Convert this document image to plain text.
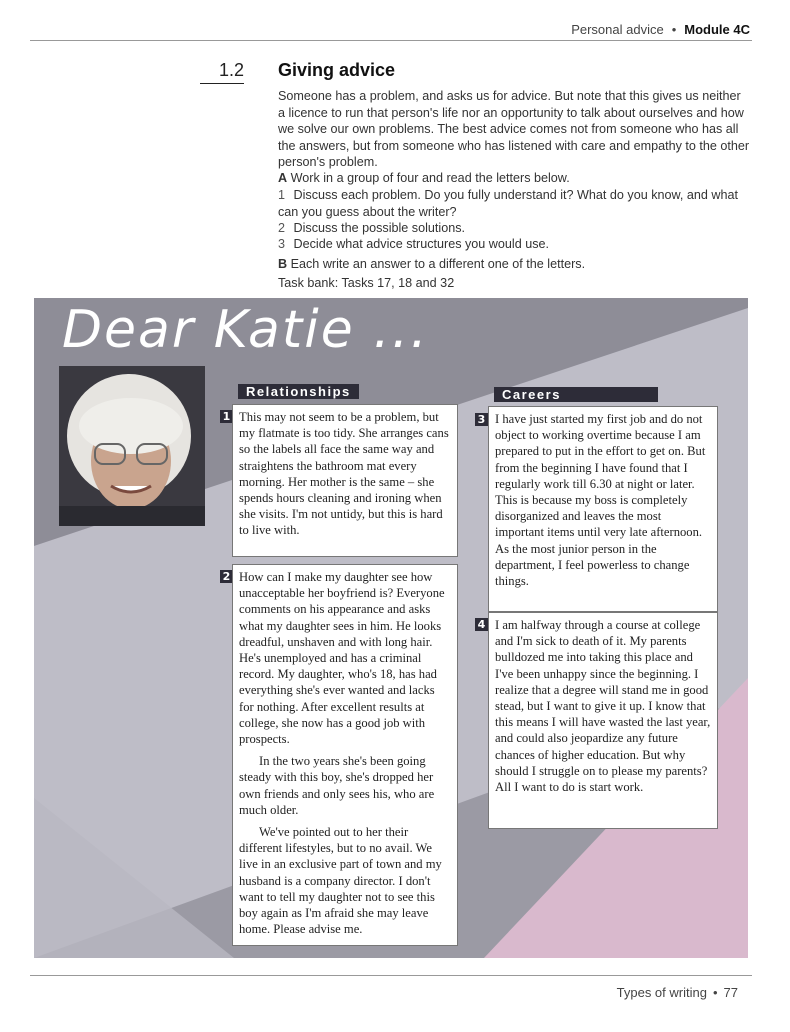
Personal advice • Module 4C
1.2 Giving advice

Someone has a problem, and asks us for advice. But note that this gives us neither a licence to run that person's life nor an opportunity to talk about ourselves and how we solve our own problems. The best advice comes not from someone who has all the answers, but from someone who has listened with care and empathy to the other person's problem.

A Work in a group of four and read the letters below.
1 Discuss each problem. Do you fully understand it? What do you know, and what can you guess about the writer?
2 Discuss the possible solutions.
3 Decide what advice structures you would use.
B Each write an answer to a different one of the letters.
Task bank: Tasks 17, 18 and 32
Dear Katie ...
Relationships	Careers
1 This may not seem to be a problem, but my flatmate is too tidy. She arranges cans so the labels all face the same way and straightens the bathroom mat every morning. Her mother is the same – she spends hours cleaning and ironing when she visits. I'm not untidy, but this is hard to live with.

2 How can I make my daughter see how unacceptable her boyfriend is? Everyone comments on his appearance and asks what my daughter sees in him. He looks dreadful, unshaven and with long hair. He's unemployed and has a criminal record. My daughter, who's 18, has had everything she's ever wanted and lacks for nothing. After excellent results at college, she now has a good job with prospects.

In the two years she's been going steady with this boy, she's dropped her own friends and only sees his, who are much older.

We've pointed out to her their different lifestyles, but to no avail. We live in an exclusive part of town and my husband is a company director. I don't want to tell my daughter not to see this boy again as I'm afraid she may leave home. Please advise me.

3 I have just started my first job and do not object to working overtime because I am prepared to put in the effort to get on. But from the beginning I have found that I regularly work till 6.30 at night or later. This is because my boss is completely disorganized and leaves the most important items until very late afternoon. As the most junior person in the department, I feel powerless to change things.

4 I am halfway through a course at college and I'm sick to death of it. My parents bulldozed me into taking this place and I've been unhappy since the beginning. I realize that a degree will stand me in good stead, but I want to give it up. I know that this means I will have wasted the last year, and could also jeopardize any future chances of higher education. But why should I struggle on to please my parents? All I want to do is start work.

Types of writing • 77
